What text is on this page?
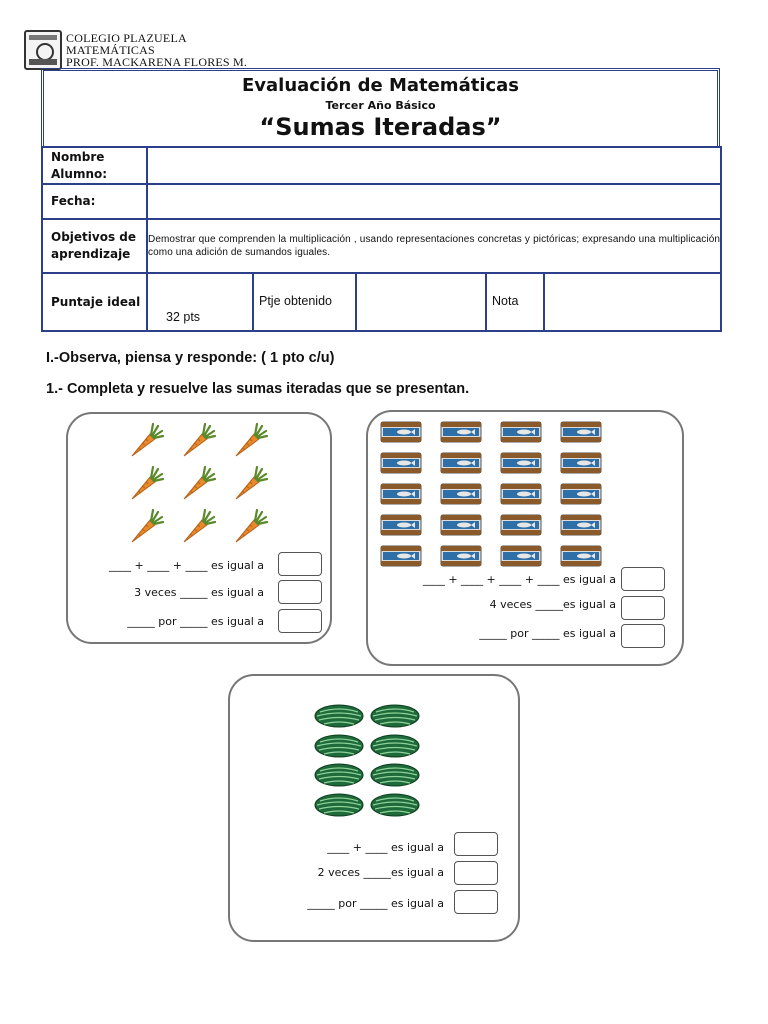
COLEGIO PLAZUELA
MATEMÁTICAS
PROF. MACKARENA FLORES M.
Evaluación de Matemáticas
Tercer Año Básico
“Sumas Iteradas”
Nombre Alumno:					
Fecha:					
Objetivos de aprendizaje	Demostrar que comprenden la multiplicación , usando representaciones concretas y pictóricas; expresando una multiplicación como una adición de sumandos iguales.				
Puntaje ideal	32 pts	Ptje obtenido		Nota	
I.-Observa, piensa y responde: ( 1 pto c/u)
1.- Completa y resuelve las sumas iteradas que se presentan.
____ + ____ + ____ es igual a
3 veces _____ es igual a
_____ por _____ es igual a
____ + ____ + ____ + ____ es igual a
4 veces _____es igual a
_____ por _____ es igual a
____ + ____ es igual a
2 veces _____es igual a
_____ por _____ es igual a
